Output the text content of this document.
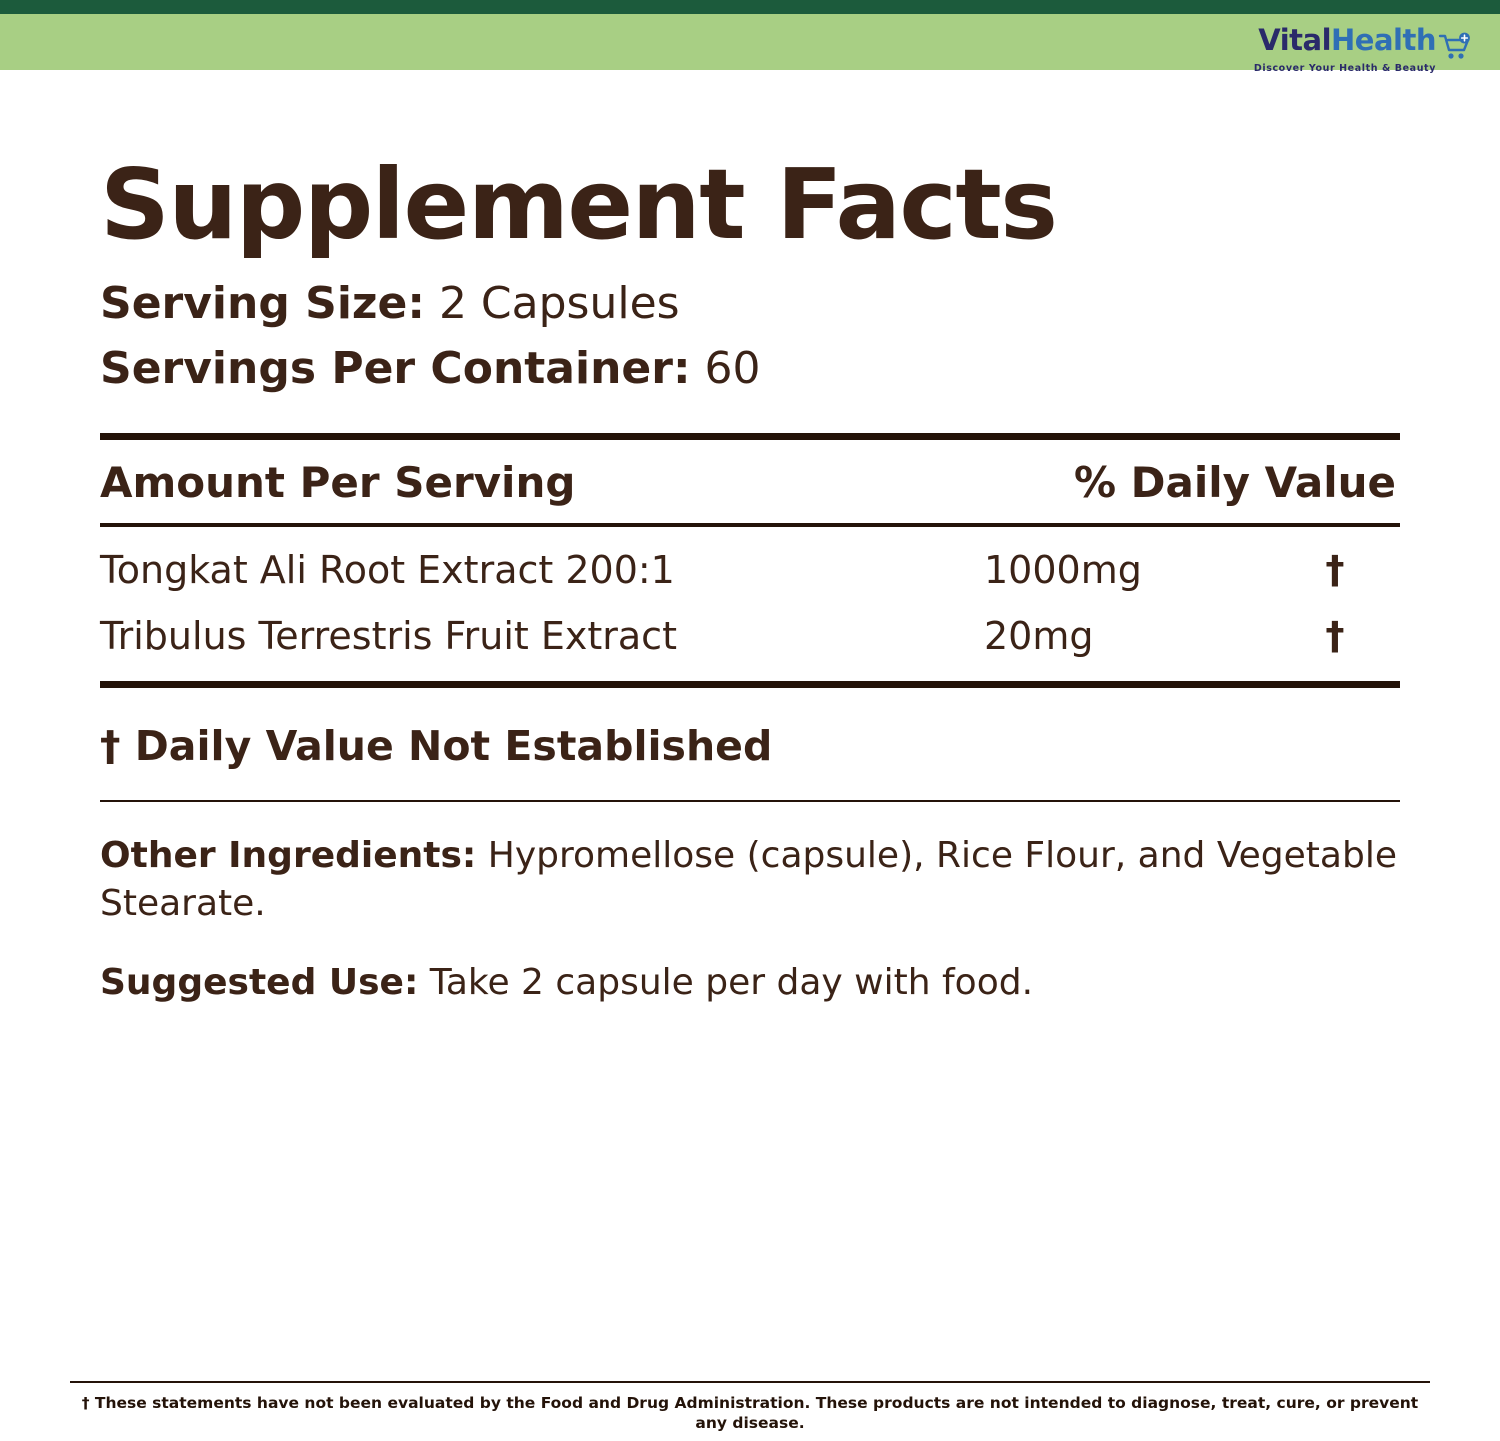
VitalHealth
Discover Your Health & Beauty
Supplement Facts
Serving Size: 2 Capsules
Servings Per Container: 60
Amount Per Serving	% Daily Value
Tongkat Ali Root Extract 200:1	1000mg	†
Tribulus Terrestris Fruit Extract	20mg	†
† Daily Value Not Established

Other Ingredients: Hypromellose (capsule), Rice Flour, and Vegetable Stearate.

Suggested Use: Take 2 capsule per day with food.

† These statements have not been evaluated by the Food and Drug Administration. These products are not intended to diagnose, treat, cure, or prevent any disease.
